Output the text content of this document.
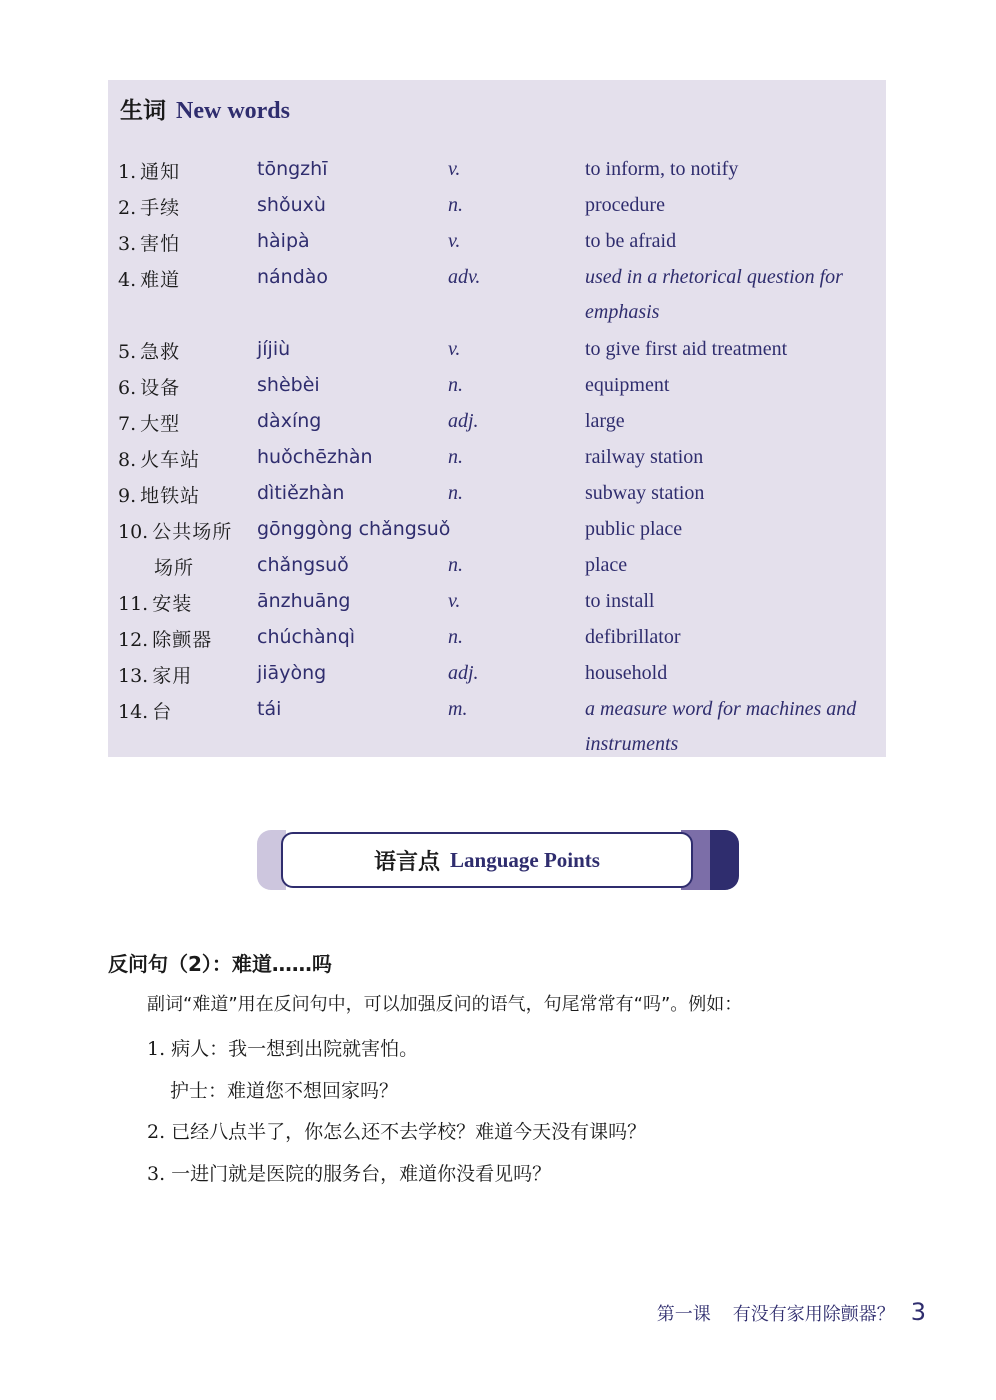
生词 New words
1. 通知	tōngzhī	v.	to inform, to notify
2. 手续	shǒuxù	n.	procedure
3. 害怕	hàipà	v.	to be afraid
4. 难道	nándào	adv.	used in a rhetorical question for
emphasis
5. 急救	jíjiù	v.	to give first aid treatment
6. 设备	shèbèi	n.	equipment
7. 大型	dàxíng	adj.	large
8. 火车站	huǒchēzhàn	n.	railway station
9. 地铁站	dìtiězhàn	n.	subway station
10. 公共场所 gōnggòng chǎngsuǒ	public place
场所	chǎngsuǒ	n.	place
11. 安装	ānzhuāng	v.	to install
12. 除颤器 chúchànqì	n.	defibrillator
13. 家用	jiāyòng	adj.	household
14. 台	tái	m.	a measure word for machines and
instruments
语言点 Language Points
反问句（2）：难道……吗
副词“难道”用在反问句中，可以加强反问的语气，句尾常常有“吗”。例如：
1. 病人：我一想到出院就害怕。
护士：难道您不想回家吗？
2. 已经八点半了，你怎么还不去学校？难道今天没有课吗？
3. 一进门就是医院的服务台，难道你没看见吗？
第一课 有没有家用除颤器？ 3
